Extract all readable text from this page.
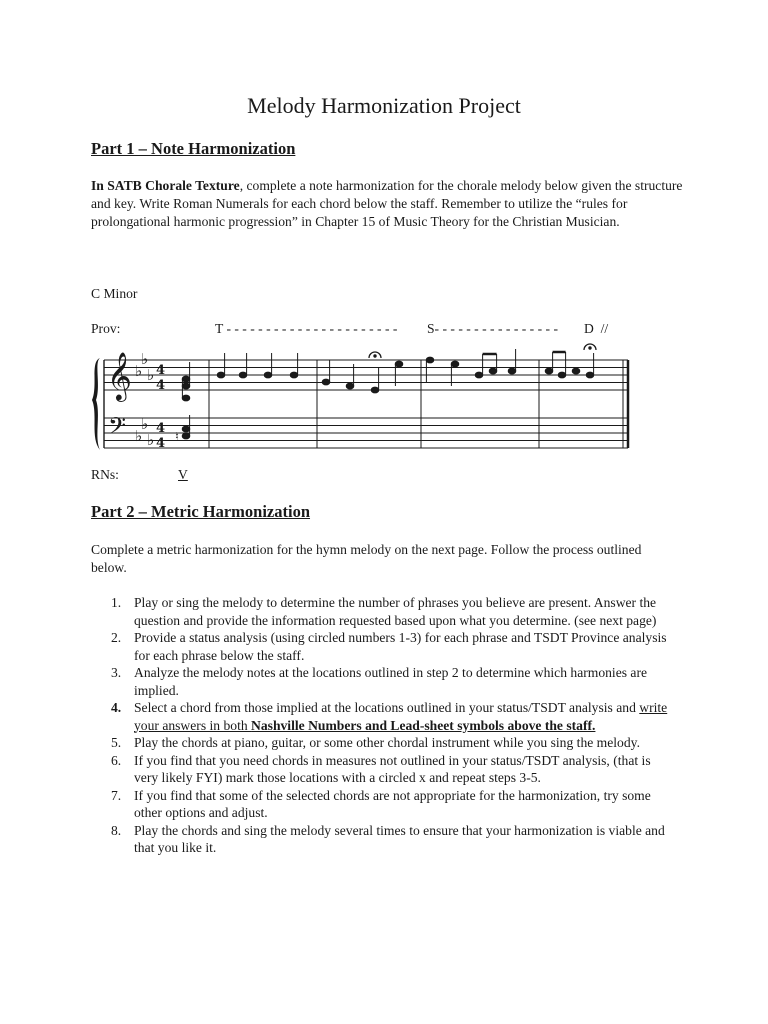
Melody Harmonization Project
Part 1 – Note Harmonization
In SATB Chorale Texture, complete a note harmonization for the chorale melody below given the structure and key. Write Roman Numerals for each chord below the staff. Remember to utilize the “rules for prolongational harmonic progression” in Chapter 15 of Music Theory for the Christian Musician.
C Minor
Prov:	T - - - - - - - - - - - - - - - - - - - - - - S- - - - - - - - - - - - - - - - D  //
𝄞
𝄢
♭
♭
♭
♭
♭
♭
4
4
4
4 ♮
RNs:	V
Part 2 – Metric Harmonization
Complete a metric harmonization for the hymn melody on the next page. Follow the process outlined below.
1. Play or sing the melody to determine the number of phrases you believe are present. Answer the question and provide the information requested based upon what you determine. (see next page)
2. Provide a status analysis (using circled numbers 1-3) for each phrase and TSDT Province analysis for each phrase below the staff.
3. Analyze the melody notes at the locations outlined in step 2 to determine which harmonies are implied.
4. Select a chord from those implied at the locations outlined in your status/TSDT analysis and write your answers in both Nashville Numbers and Lead-sheet symbols above the staff.
5. Play the chords at piano, guitar, or some other chordal instrument while you sing the melody.
6. If you find that you need chords in measures not outlined in your status/TSDT analysis, (that is very likely FYI) mark those locations with a circled x and repeat steps 3-5.
7. If you find that some of the selected chords are not appropriate for the harmonization, try some other options and adjust.
8. Play the chords and sing the melody several times to ensure that your harmonization is viable and that you like it.
